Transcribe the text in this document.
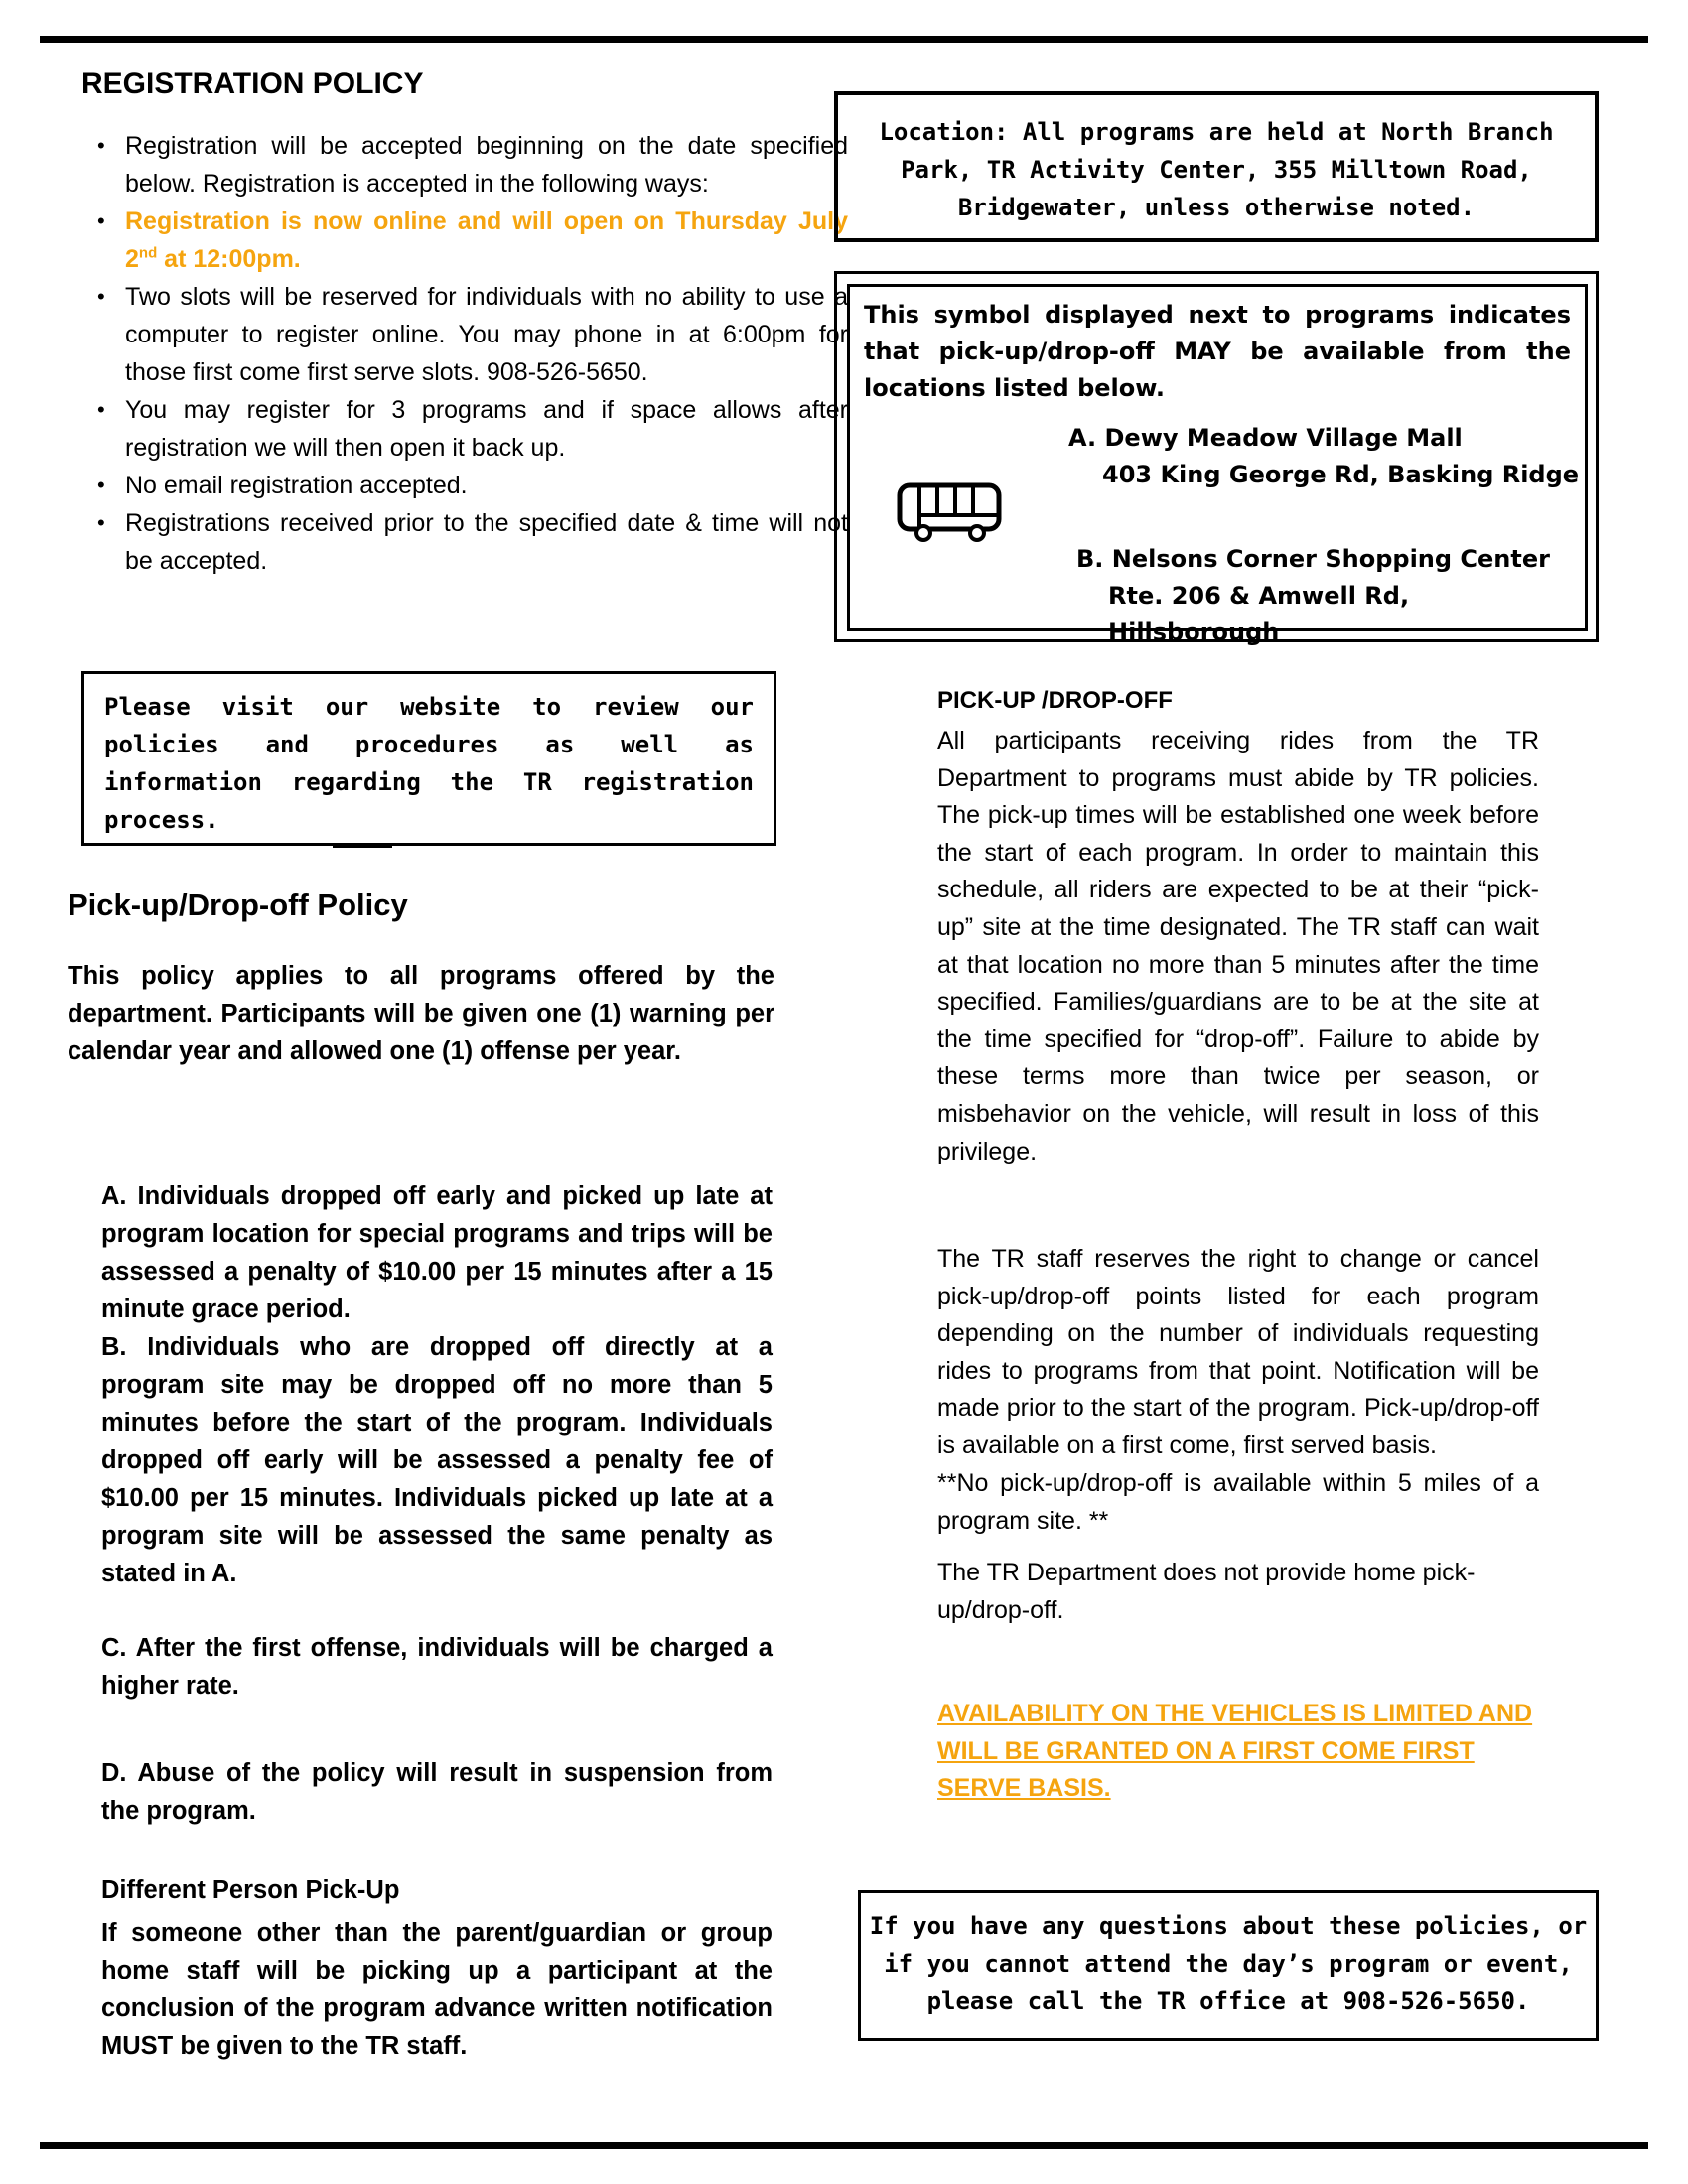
REGISTRATION POLICY
• Registration will be accepted beginning on the date specified below. Registration is accepted in the following ways:
• Registration is now online and will open on Thursday July 2nd at 12:00pm.
• Two slots will be reserved for individuals with no ability to use a computer to register online. You may phone in at 6:00pm for those first come first serve slots. 908-526-5650.
• You may register for 3 programs and if space allows after registration we will then open it back up.
• No email registration accepted.
• Registrations received prior to the specified date & time will not be accepted.
Please visit our website to review our policies and procedures as well as information regarding the TR registration process.
Pick-up/Drop-off Policy
This policy applies to all programs offered by the department. Participants will be given one (1) warning per calendar year and allowed one (1) offense per year.
A. Individuals dropped off early and picked up late at program location for special programs and trips will be assessed a penalty of $10.00 per 15 minutes after a 15 minute grace period.
B. Individuals who are dropped off directly at a program site may be dropped off no more than 5 minutes before the start of the program. Individuals dropped off early will be assessed a penalty fee of $10.00 per 15 minutes. Individuals picked up late at a program site will be assessed the same penalty as stated in A.
C. After the first offense, individuals will be charged a higher rate.
D. Abuse of the policy will result in suspension from the program.
Different Person Pick-Up
If someone other than the parent/guardian or group home staff will be picking up a participant at the conclusion of the program advance written notification MUST be given to the TR staff.
Location: All programs are held at North Branch Park, TR Activity Center, 355 Milltown Road, Bridgewater, unless otherwise noted.
This symbol displayed next to programs indicates that pick-up/drop-off MAY be available from the locations listed below.
A. Dewy Meadow Village Mall
403 King George Rd, Basking Ridge
B. Nelsons Corner Shopping Center
Rte. 206 & Amwell Rd, Hillsborough
PICK-UP /DROP-OFF
All participants receiving rides from the TR Department to programs must abide by TR policies. The pick-up times will be established one week before the start of each program. In order to maintain this schedule, all riders are expected to be at their “pick-up” site at the time designated. The TR staff can wait at that location no more than 5 minutes after the time specified. Families/guardians are to be at the site at the time specified for “drop-off”. Failure to abide by these terms more than twice per season, or misbehavior on the vehicle, will result in loss of this privilege.
The TR staff reserves the right to change or cancel pick-up/drop-off points listed for each program depending on the number of individuals requesting rides to programs from that point. Notification will be made prior to the start of the program. Pick-up/drop-off is available on a first come, first served basis.
**No pick-up/drop-off is available within 5 miles of a program site. **
The TR Department does not provide home pick-up/drop-off.
AVAILABILITY ON THE VEHICLES IS LIMITED AND WILL BE GRANTED ON A FIRST COME FIRST SERVE BASIS.
If you have any questions about these policies, or if you cannot attend the day’s program or event, please call the TR office at 908-526-5650.
